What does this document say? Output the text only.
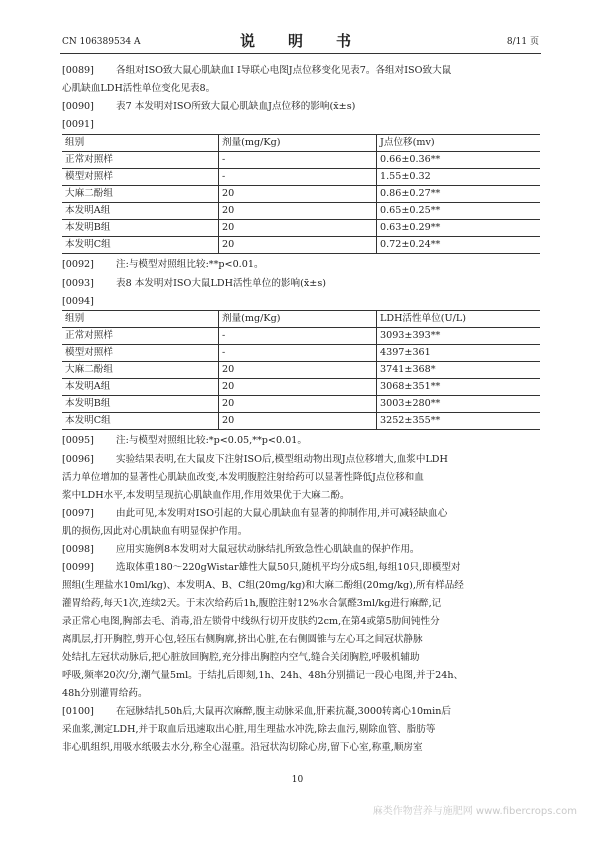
CN 106389534 A	说　明　书	8/11 页
[0089] 各组对ISO致大鼠心肌缺血I I导联心电图J点位移变化见表7。各组对ISO致大鼠
心肌缺血LDH活性单位变化见表8。
[0090] 表7 本发明对ISO所致大鼠心肌缺血J点位移的影响(x̄±s)
[0091]
组别	剂量(mg/Kg)	J点位移(mv)
正常对照样	-	0.66±0.36**
模型对照样	-	1.55±0.32
大麻二酚组	20	0.86±0.27**
本发明A组	20	0.65±0.25**
本发明B组	20	0.63±0.29**
本发明C组	20	0.72±0.24**
[0092] 注:与模型对照组比较:**p<0.01。
[0093] 表8 本发明对ISO大鼠LDH活性单位的影响(x̄±s)
[0094]
组别	剂量(mg/Kg)	LDH活性单位(U/L)
正常对照样	-	3093±393**
模型对照样	-	4397±361
大麻二酚组	20	3741±368*
本发明A组	20	3068±351**
本发明B组	20	3003±280**
本发明C组	20	3252±355**
[0095] 注:与模型对照组比较:*p<0.05,**p<0.01。
[0096] 实验结果表明,在大鼠皮下注射ISO后,模型组动物出现J点位移增大,血浆中LDH
活力单位增加的显著性心肌缺血改变,本发明腹腔注射给药可以显著性降低J点位移和血
浆中LDH水平,本发明呈现抗心肌缺血作用,作用效果优于大麻二酚。
[0097] 由此可见,本发明对ISO引起的大鼠心肌缺血有显著的抑制作用,并可减轻缺血心
肌的损伤,因此对心肌缺血有明显保护作用。
[0098] 应用实施例8本发明对大鼠冠状动脉结扎所致急性心肌缺血的保护作用。
[0099] 选取体重180～220gWistar雄性大鼠50只,随机平均分成5组,每组10只,即模型对
照组(生理盐水10ml/kg)、本发明A、B、C组(20mg/kg)和大麻二酚组(20mg/kg),所有样品经
灌胃给药,每天1次,连续2天。于末次给药后1h,腹腔注射12%水合氯醛3ml/kg进行麻醉,记
录正常心电图,胸部去毛、消毒,沿左锁骨中线纵行切开皮肤约2cm,在第4或第5肋间钝性分
离肌层,打开胸腔,剪开心包,轻压右侧胸廓,挤出心脏,在右侧圆锥与左心耳之间冠状静脉
处结扎左冠状动脉后,把心脏放回胸腔,充分排出胸腔内空气,缝合关闭胸腔,呼吸机辅助
呼吸,频率20次/分,潮气量5ml。于结扎后即刻,1h、24h、48h分别描记一段心电图,并于24h、
48h分别灌胃给药。
[0100] 在冠脉结扎50h后,大鼠再次麻醉,腹主动脉采血,肝素抗凝,3000转离心10min后
采血浆,测定LDH,并于取血后迅速取出心脏,用生理盐水冲洗,除去血污,剔除血管、脂肪等
非心肌组织,用吸水纸吸去水分,称全心湿重。沿冠状沟切除心房,留下心室,称重,顺房室
10
麻类作物营养与施肥网 www.fibercrops.com
